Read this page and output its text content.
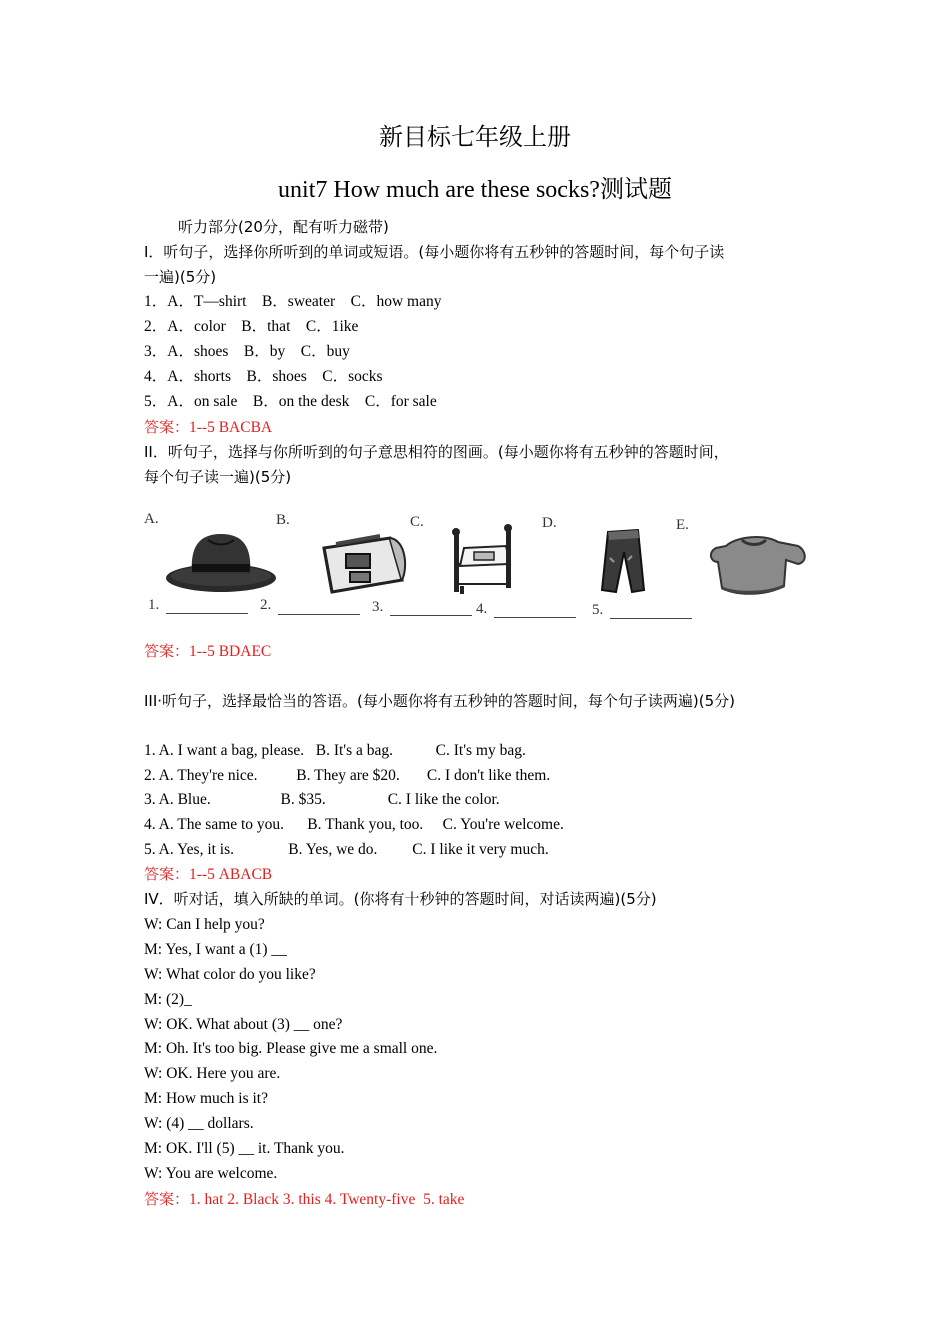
新目标七年级上册
unit7 How much are these socks?测试题
听力部分(20分，配有听力磁带)
I．听句子，选择你所听到的单词或短语。(每小题你将有五秒钟的答题时间，每个句子读
一遍)(5分)
1．A．T—shirt    B．sweater    C．how many
2．A．color    B．that    C．1ike
3．A．shoes    B．by    C．buy
4．A．shorts    B．shoes    C．socks
5．A．on sale    B．on the desk    C．for sale
答案：1--5 BACBA
II．听句子，选择与你所听到的句子意思相符的图画。(每小题你将有五秒钟的答题时间，
每个句子读一遍)(5分)
A.	B.	C.	D.	E.
1.	2.	3.	4.	5.
答案：1--5 BDAEC
III·听句子，选择最恰当的答语。(每小题你将有五秒钟的答题时间，每个句子读两遍)(5分)
1. A. I want a bag, please.   B. It's a bag.           C. It's my bag.
2. A. They're nice.          B. They are $20.       C. I don't like them.
3. A. Blue.                  B. $35.                C. I like the color.
4. A. The same to you.      B. Thank you, too.     C. You're welcome.
5. A. Yes, it is.              B. Yes, we do.         C. I like it very much.
答案：1--5 ABACB
IV．听对话，填入所缺的单词。(你将有十秒钟的答题时间，对话读两遍)(5分)
W: Can I help you?
M: Yes, I want a (1) __
W: What color do you like?
M: (2)_
W: OK. What about (3) __ one?
M: Oh. It's too big. Please give me a small one.
W: OK. Here you are.
M: How much is it?
W: (4) __ dollars.
M: OK. I'll (5) __ it. Thank you.
W: You are welcome.
答案：1. hat 2. Black 3. this 4. Twenty-five  5. take
